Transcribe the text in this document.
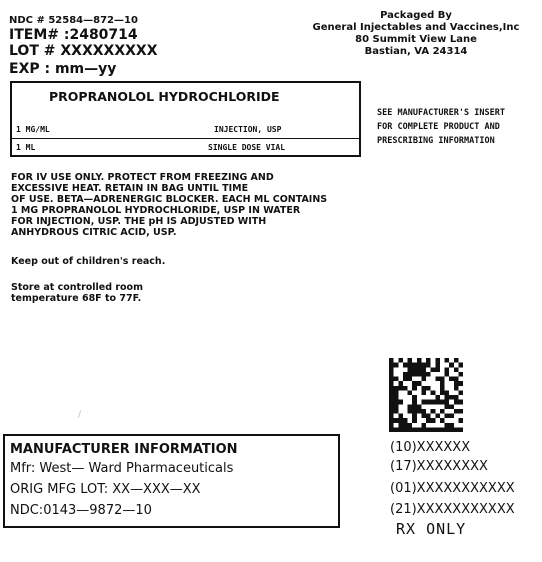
NDC # 52584—872—10
ITEM# :2480714
LOT # XXXXXXXXX
EXP : mm—yy
Packaged By
General Injectables and Vaccines,Inc
80 Summit View Lane
Bastian, VA 24314
PROPRANOLOL HYDROCHLORIDE
1 MG/ML	INJECTION, USP
1 ML	SINGLE DOSE VIAL
SEE MANUFACTURER'S INSERT
FOR COMPLETE PRODUCT AND
PRESCRIBING INFORMATION
FOR IV USE ONLY. PROTECT FROM FREEZING AND
EXCESSIVE HEAT. RETAIN IN BAG UNTIL TIME
OF USE. BETA—ADRENERGIC BLOCKER. EACH ML CONTAINS
1 MG PROPRANOLOL HYDROCHLORIDE, USP IN WATER
FOR INJECTION, USP. THE pH IS ADJUSTED WITH
ANHYDROUS CITRIC ACID, USP.
Keep out of children's reach.
Store at controlled room
temperature 68F to 77F.
/
MANUFACTURER INFORMATION
Mfr: West— Ward Pharmaceuticals
ORIG MFG LOT: XX—XXX—XX
NDC:0143—9872—10
(10)XXXXXX
(17)XXXXXXXX
(01)XXXXXXXXXXX
(21)XXXXXXXXXXX
RX ONLY
